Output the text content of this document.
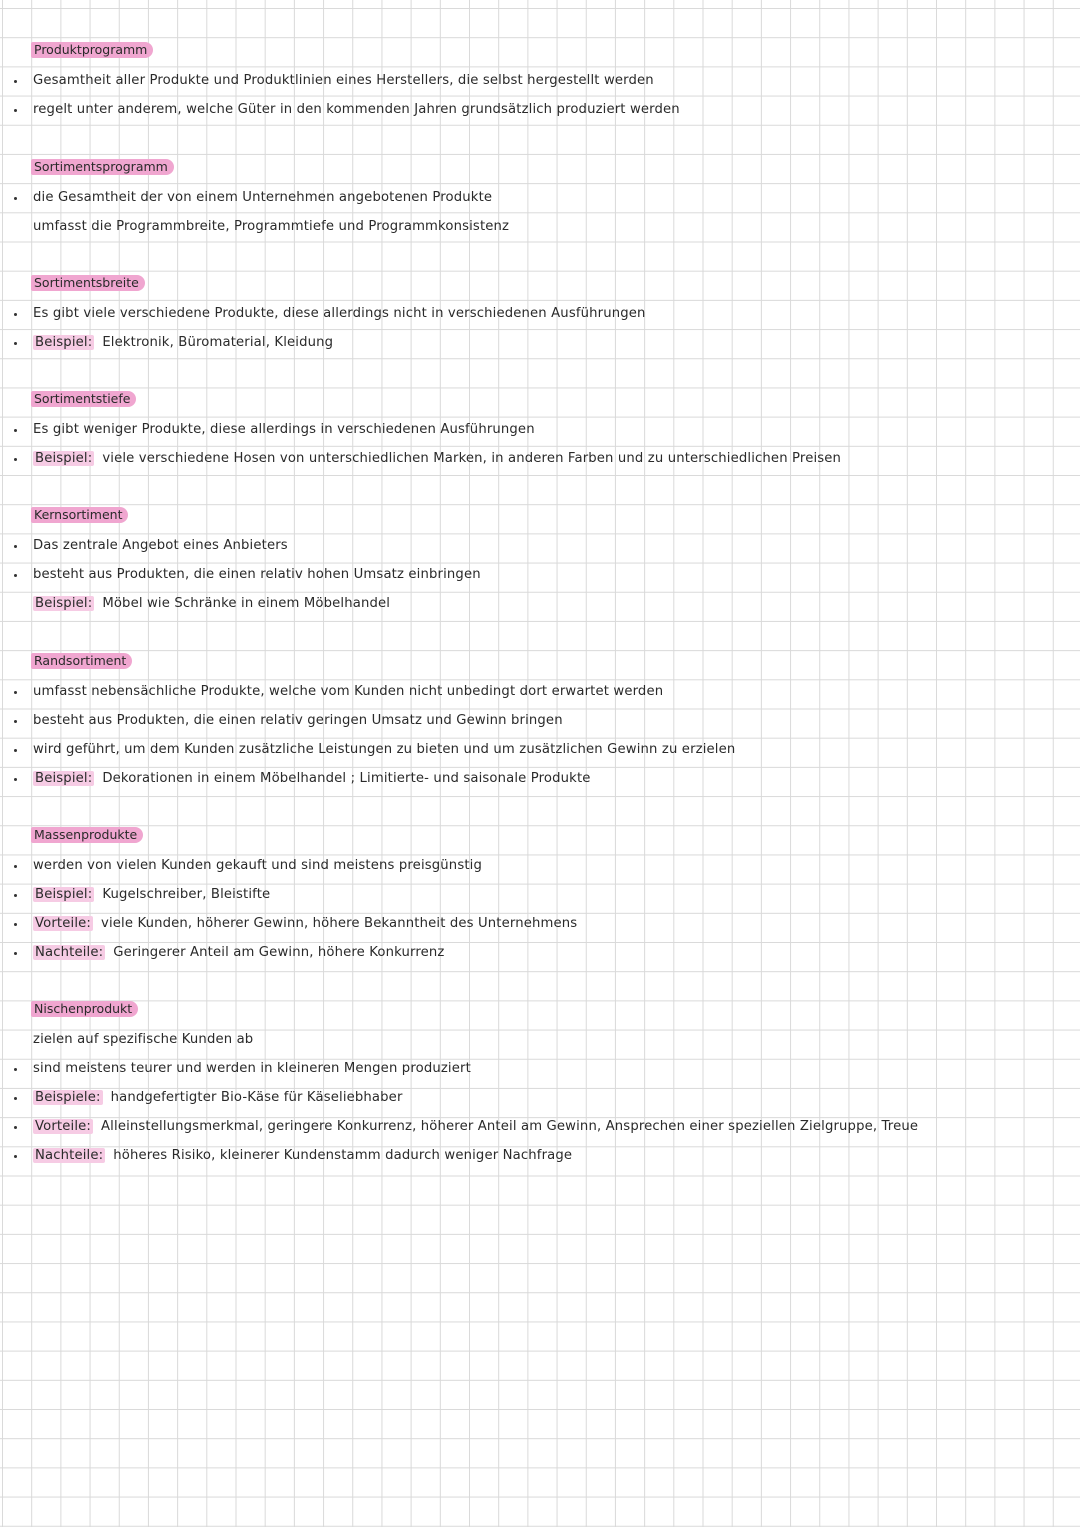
Produktprogramm
Gesamtheit aller Produkte und Produktlinien eines Herstellers, die selbst hergestellt werden
regelt unter anderem, welche Güter in den kommenden Jahren grundsätzlich produziert werden
Sortimentsprogramm
die Gesamtheit der von einem Unternehmen angebotenen Produkte
umfasst die Programmbreite, Programmtiefe und Programmkonsistenz
Sortimentsbreite
Es gibt viele verschiedene Produkte, diese allerdings nicht in verschiedenen Ausführungen
Beispiel: Elektronik, Büromaterial, Kleidung
Sortimentstiefe
Es gibt weniger Produkte, diese allerdings in verschiedenen Ausführungen
Beispiel: viele verschiedene Hosen von unterschiedlichen Marken, in anderen Farben und zu unterschiedlichen Preisen
Kernsortiment
Das zentrale Angebot eines Anbieters
besteht aus Produkten, die einen relativ hohen Umsatz einbringen
Beispiel: Möbel wie Schränke in einem Möbelhandel
Randsortiment
umfasst nebensächliche Produkte, welche vom Kunden nicht unbedingt dort erwartet werden
besteht aus Produkten, die einen relativ geringen Umsatz und Gewinn bringen
wird geführt, um dem Kunden zusätzliche Leistungen zu bieten und um zusätzlichen Gewinn zu erzielen
Beispiel: Dekorationen in einem Möbelhandel ; Limitierte- und saisonale Produkte
Massenprodukte
werden von vielen Kunden gekauft und sind meistens preisgünstig
Beispiel: Kugelschreiber, Bleistifte
Vorteile: viele Kunden, höherer Gewinn, höhere Bekanntheit des Unternehmens
Nachteile: Geringerer Anteil am Gewinn, höhere Konkurrenz
Nischenprodukt
zielen auf spezifische Kunden ab
sind meistens teurer und werden in kleineren Mengen produziert
Beispiele: handgefertigter Bio-Käse für Käseliebhaber
Vorteile: Alleinstellungsmerkmal, geringere Konkurrenz, höherer Anteil am Gewinn, Ansprechen einer speziellen Zielgruppe, Treue
Nachteile: höheres Risiko, kleinerer Kundenstamm dadurch weniger Nachfrage
